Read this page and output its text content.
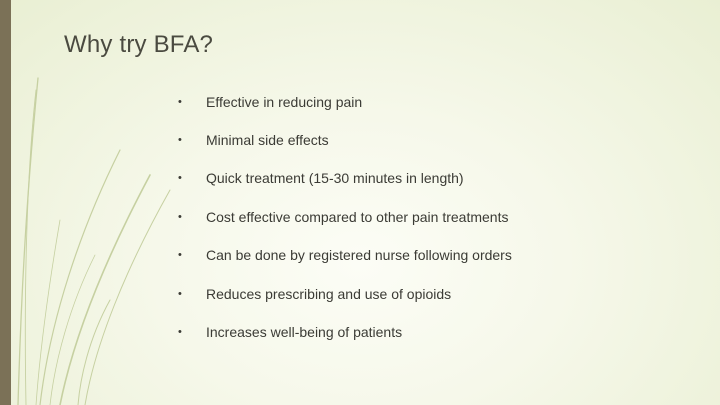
Why try BFA?
•	Effective in reducing pain
•	Minimal side effects
•	Quick treatment (15-30 minutes in length)
•	Cost effective compared to other pain treatments
•	Can be done by registered nurse following orders
•	Reduces prescribing and use of opioids
•	Increases well-being of patients
